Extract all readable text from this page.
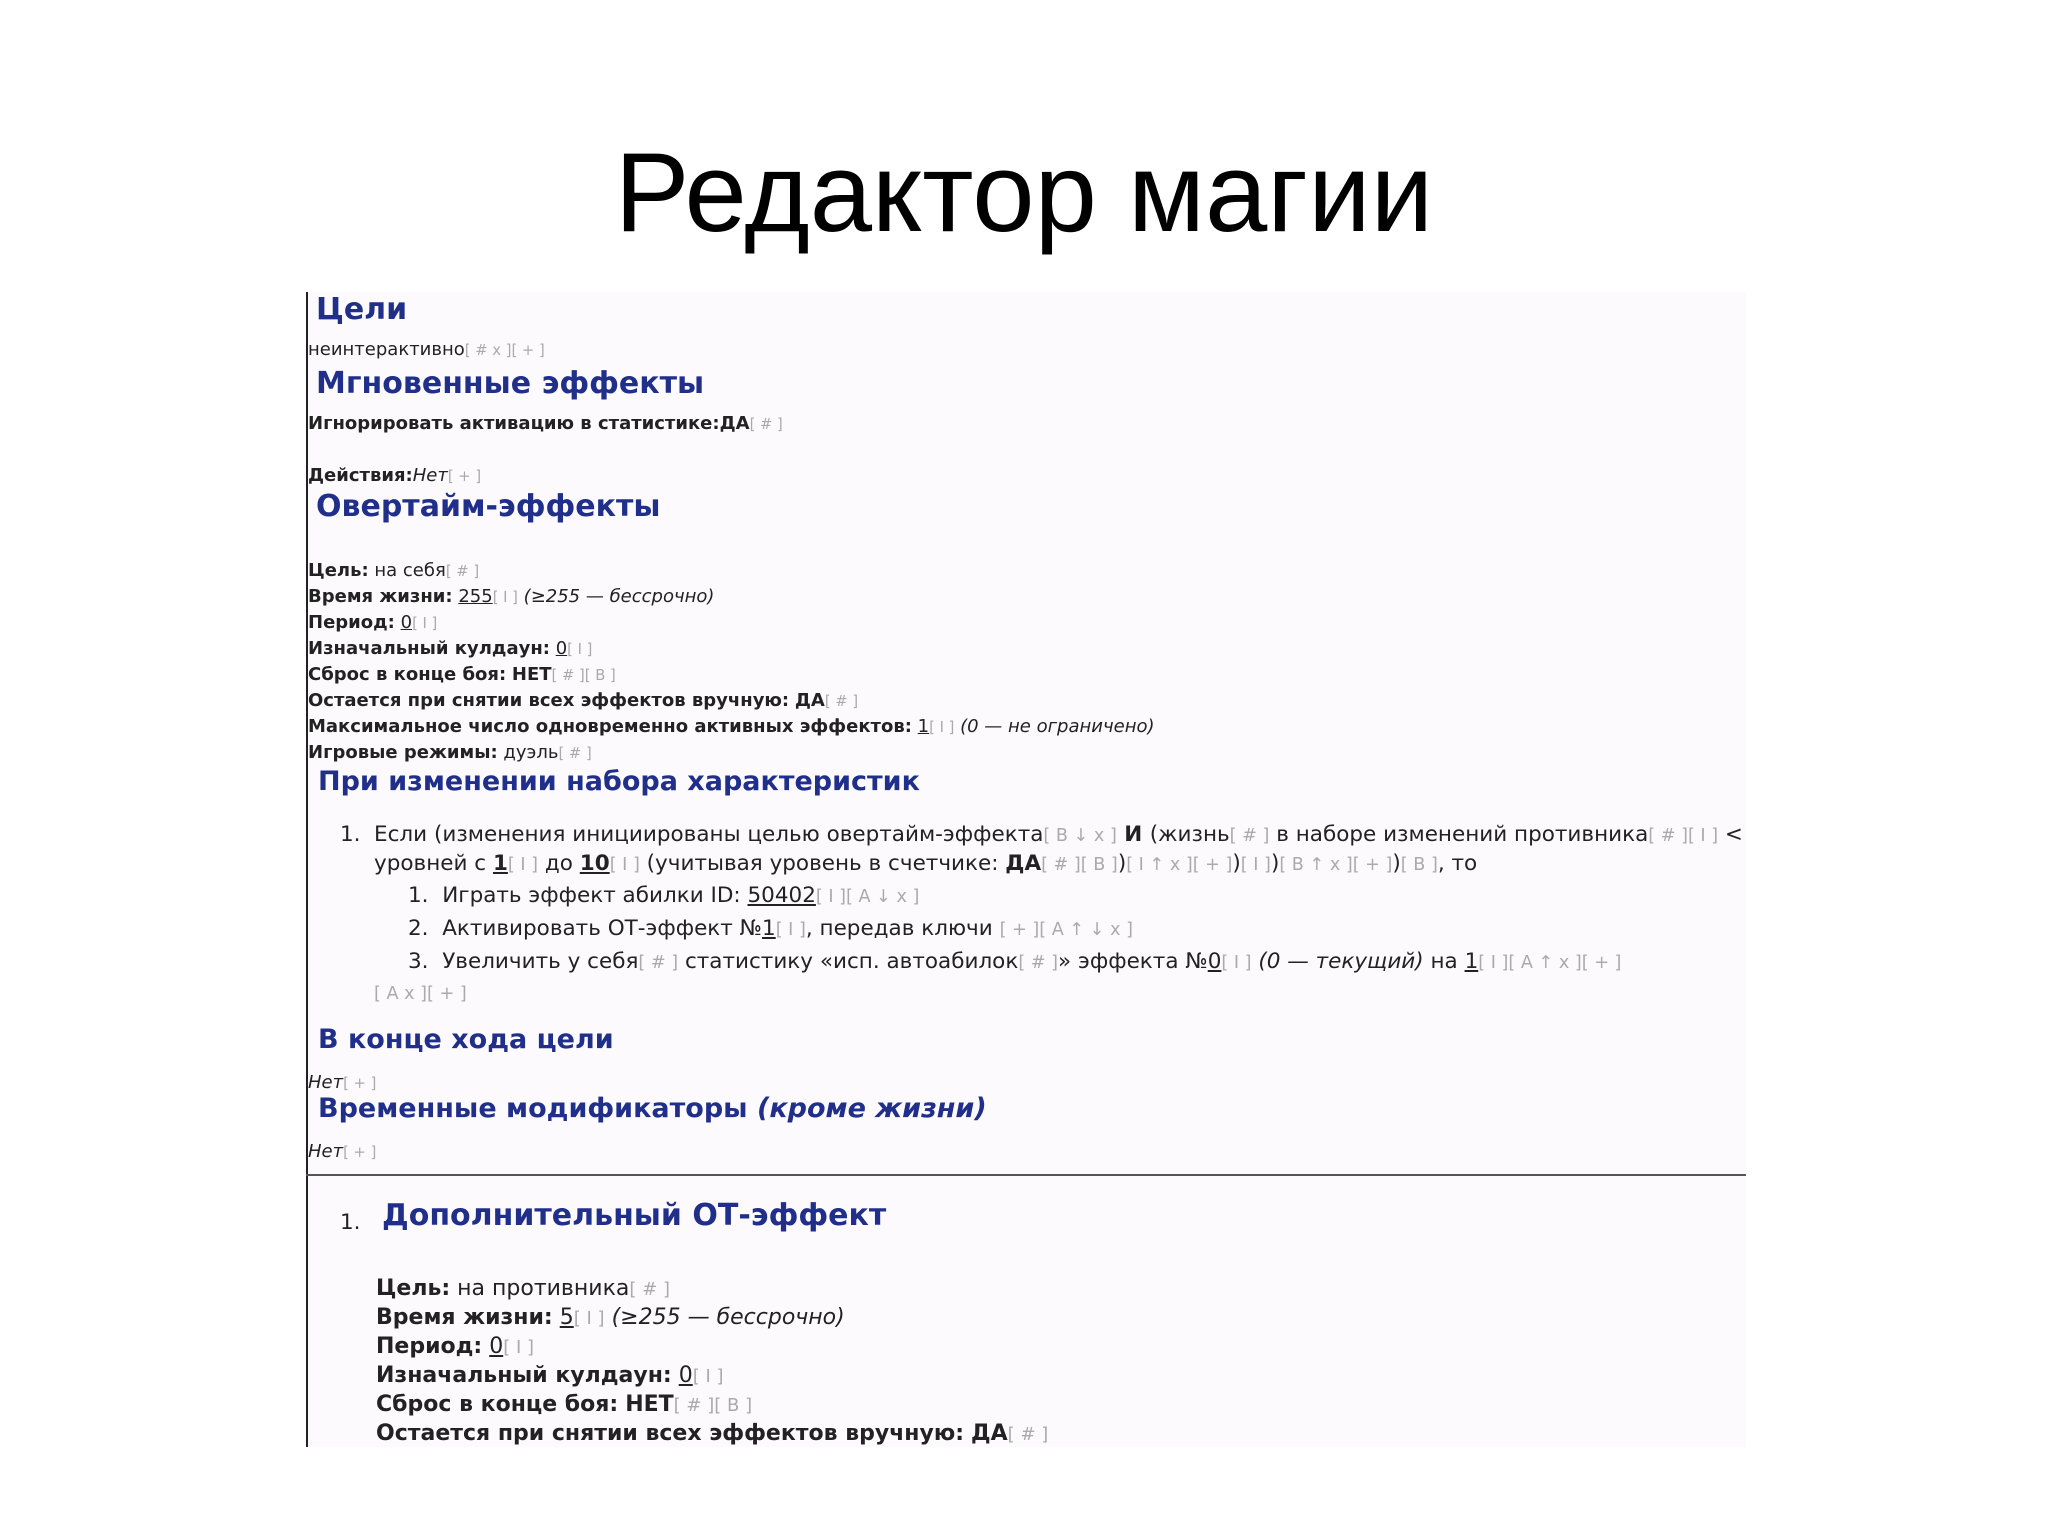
Редактор магии
Цели
неинтерактивно[ # x ][ + ]
Мгновенные эффекты
Игнорировать активацию в статистике:ДА[ # ]
Действия:Нет[ + ]
Овертайм-эффекты
Цель: на себя[ # ]
Время жизни: 255[ I ] (≥255 — бессрочно)
Период: 0[ I ]
Изначальный кулдаун: 0[ I ]
Сброс в конце боя: НЕТ[ # ][ B ]
Остается при снятии всех эффектов вручную: ДА[ # ]
Максимальное число одновременно активных эффектов: 1[ I ] (0 — не ограничено)
Игровые режимы: дуэль[ # ]
При изменении набора характеристик
1. Если (изменения инициированы целью овертайм-эффекта[ B ↓ x ] И (жизнь[ # ] в наборе изменений противника[ # ][ I ] <
уровней с 1[ I ] до 10[ I ] (учитывая уровень в счетчике: ДА[ # ][ B ])[ I ↑ x ][ + ])[ I ])[ B ↑ x ][ + ])[ B ], то
1. Играть эффект абилки ID: 50402[ I ][ A ↓ x ]
2. Активировать ОТ-эффект №1[ I ], передав ключи [ + ][ A ↑ ↓ x ]
3. Увеличить у себя[ # ] статистику «исп. автоабилок[ # ]» эффекта №0[ I ] (0 — текущий) на 1[ I ][ A ↑ x ][ + ]
[ A x ][ + ]
В конце хода цели
Нет[ + ]
Временные модификаторы (кроме жизни)
Нет[ + ]
1. Дополнительный ОТ-эффект
Цель: на противника[ # ]
Время жизни: 5[ I ] (≥255 — бессрочно)
Период: 0[ I ]
Изначальный кулдаун: 0[ I ]
Сброс в конце боя: НЕТ[ # ][ B ]
Остается при снятии всех эффектов вручную: ДА[ # ]
